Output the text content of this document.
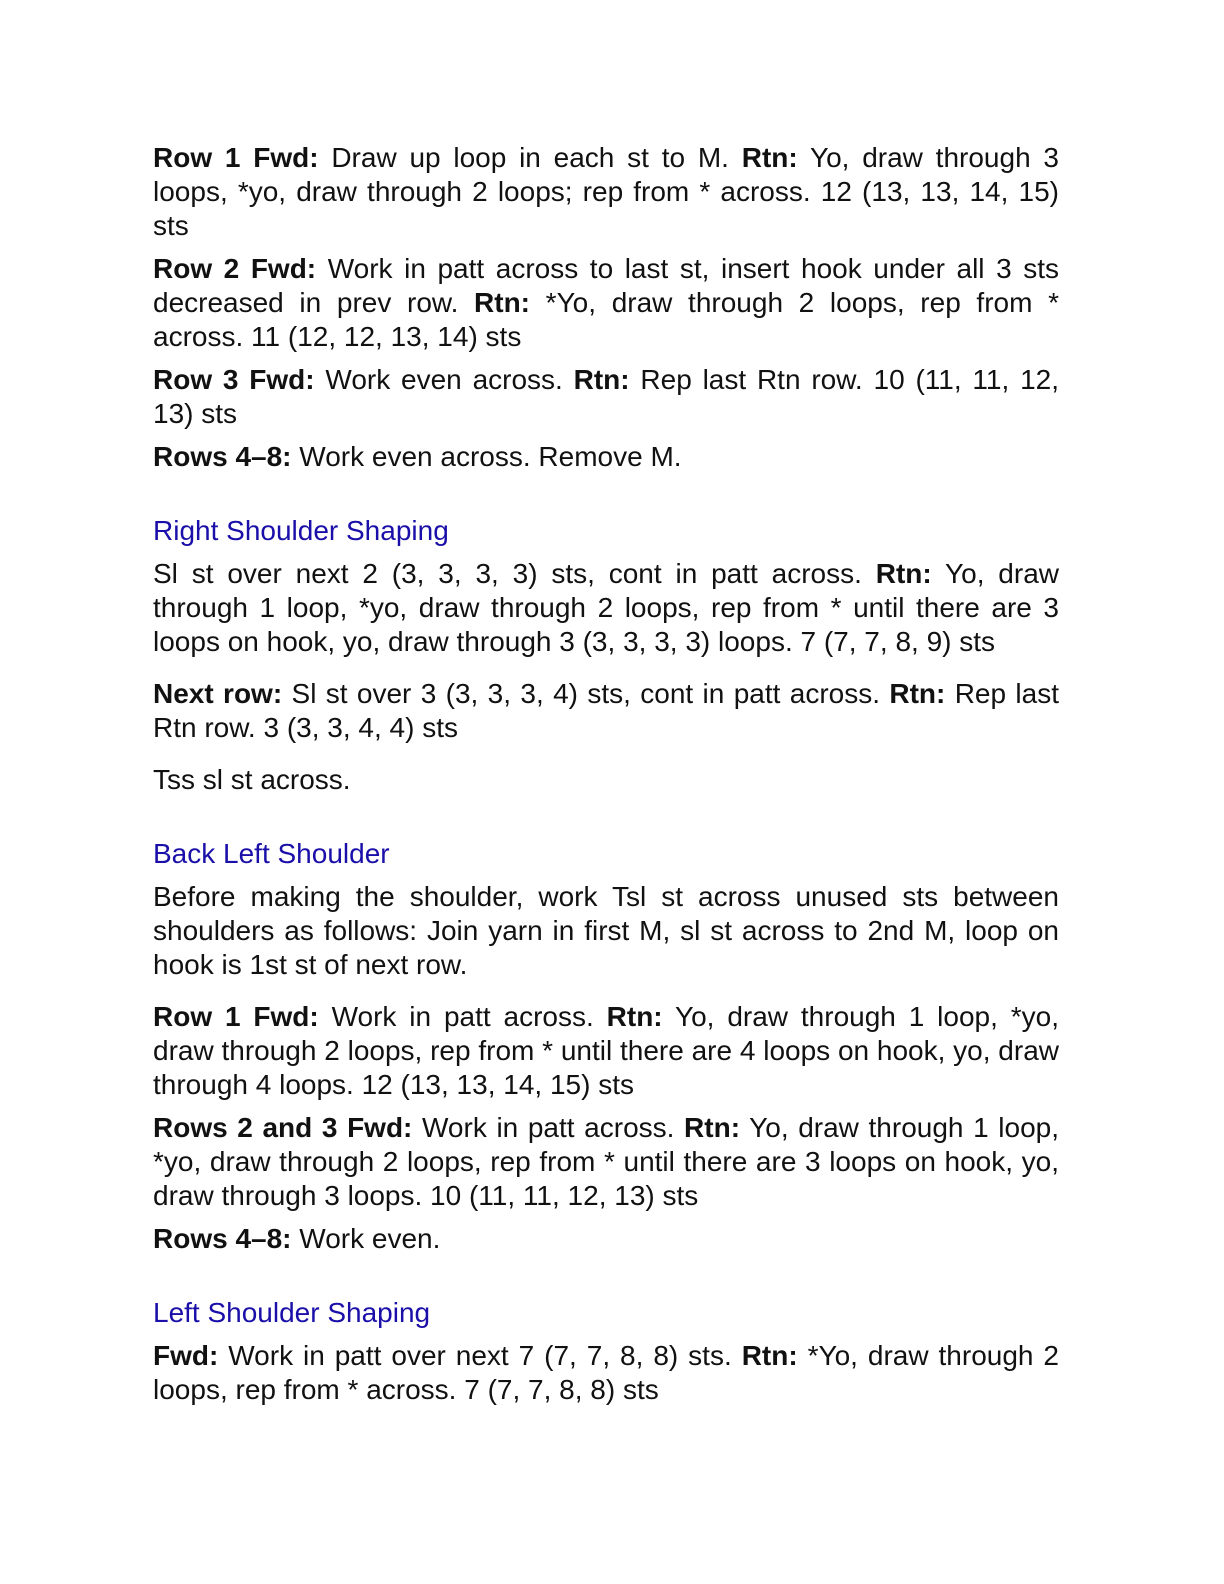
Row 1 Fwd: Draw up loop in each st to M. Rtn: Yo, draw through 3 loops, *yo, draw through 2 loops; rep from * across. 12 (13, 13, 14, 15) sts

Row 2 Fwd: Work in patt across to last st, insert hook under all 3 sts decreased in prev row. Rtn: *Yo, draw through 2 loops, rep from * across. 11 (12, 12, 13, 14) sts

Row 3 Fwd: Work even across. Rtn: Rep last Rtn row. 10 (11, 11, 12, 13) sts

Rows 4–8: Work even across. Remove M.

Right Shoulder Shaping

Sl st over next 2 (3, 3, 3, 3) sts, cont in patt across. Rtn: Yo, draw through 1 loop, *yo, draw through 2 loops, rep from * until there are 3 loops on hook, yo, draw through 3 (3, 3, 3, 3) loops. 7 (7, 7, 8, 9) sts

Next row: Sl st over 3 (3, 3, 3, 4) sts, cont in patt across. Rtn: Rep last Rtn row. 3 (3, 3, 4, 4) sts

Tss sl st across.

Back Left Shoulder

Before making the shoulder, work Tsl st across unused sts between shoulders as follows: Join yarn in first M, sl st across to 2nd M, loop on hook is 1st st of next row.

Row 1 Fwd: Work in patt across. Rtn: Yo, draw through 1 loop, *yo, draw through 2 loops, rep from * until there are 4 loops on hook, yo, draw through 4 loops. 12 (13, 13, 14, 15) sts

Rows 2 and 3 Fwd: Work in patt across. Rtn: Yo, draw through 1 loop, *yo, draw through 2 loops, rep from * until there are 3 loops on hook, yo, draw through 3 loops. 10 (11, 11, 12, 13) sts

Rows 4–8: Work even.

Left Shoulder Shaping

Fwd: Work in patt over next 7 (7, 7, 8, 8) sts. Rtn: *Yo, draw through 2 loops, rep from * across. 7 (7, 7, 8, 8) sts
